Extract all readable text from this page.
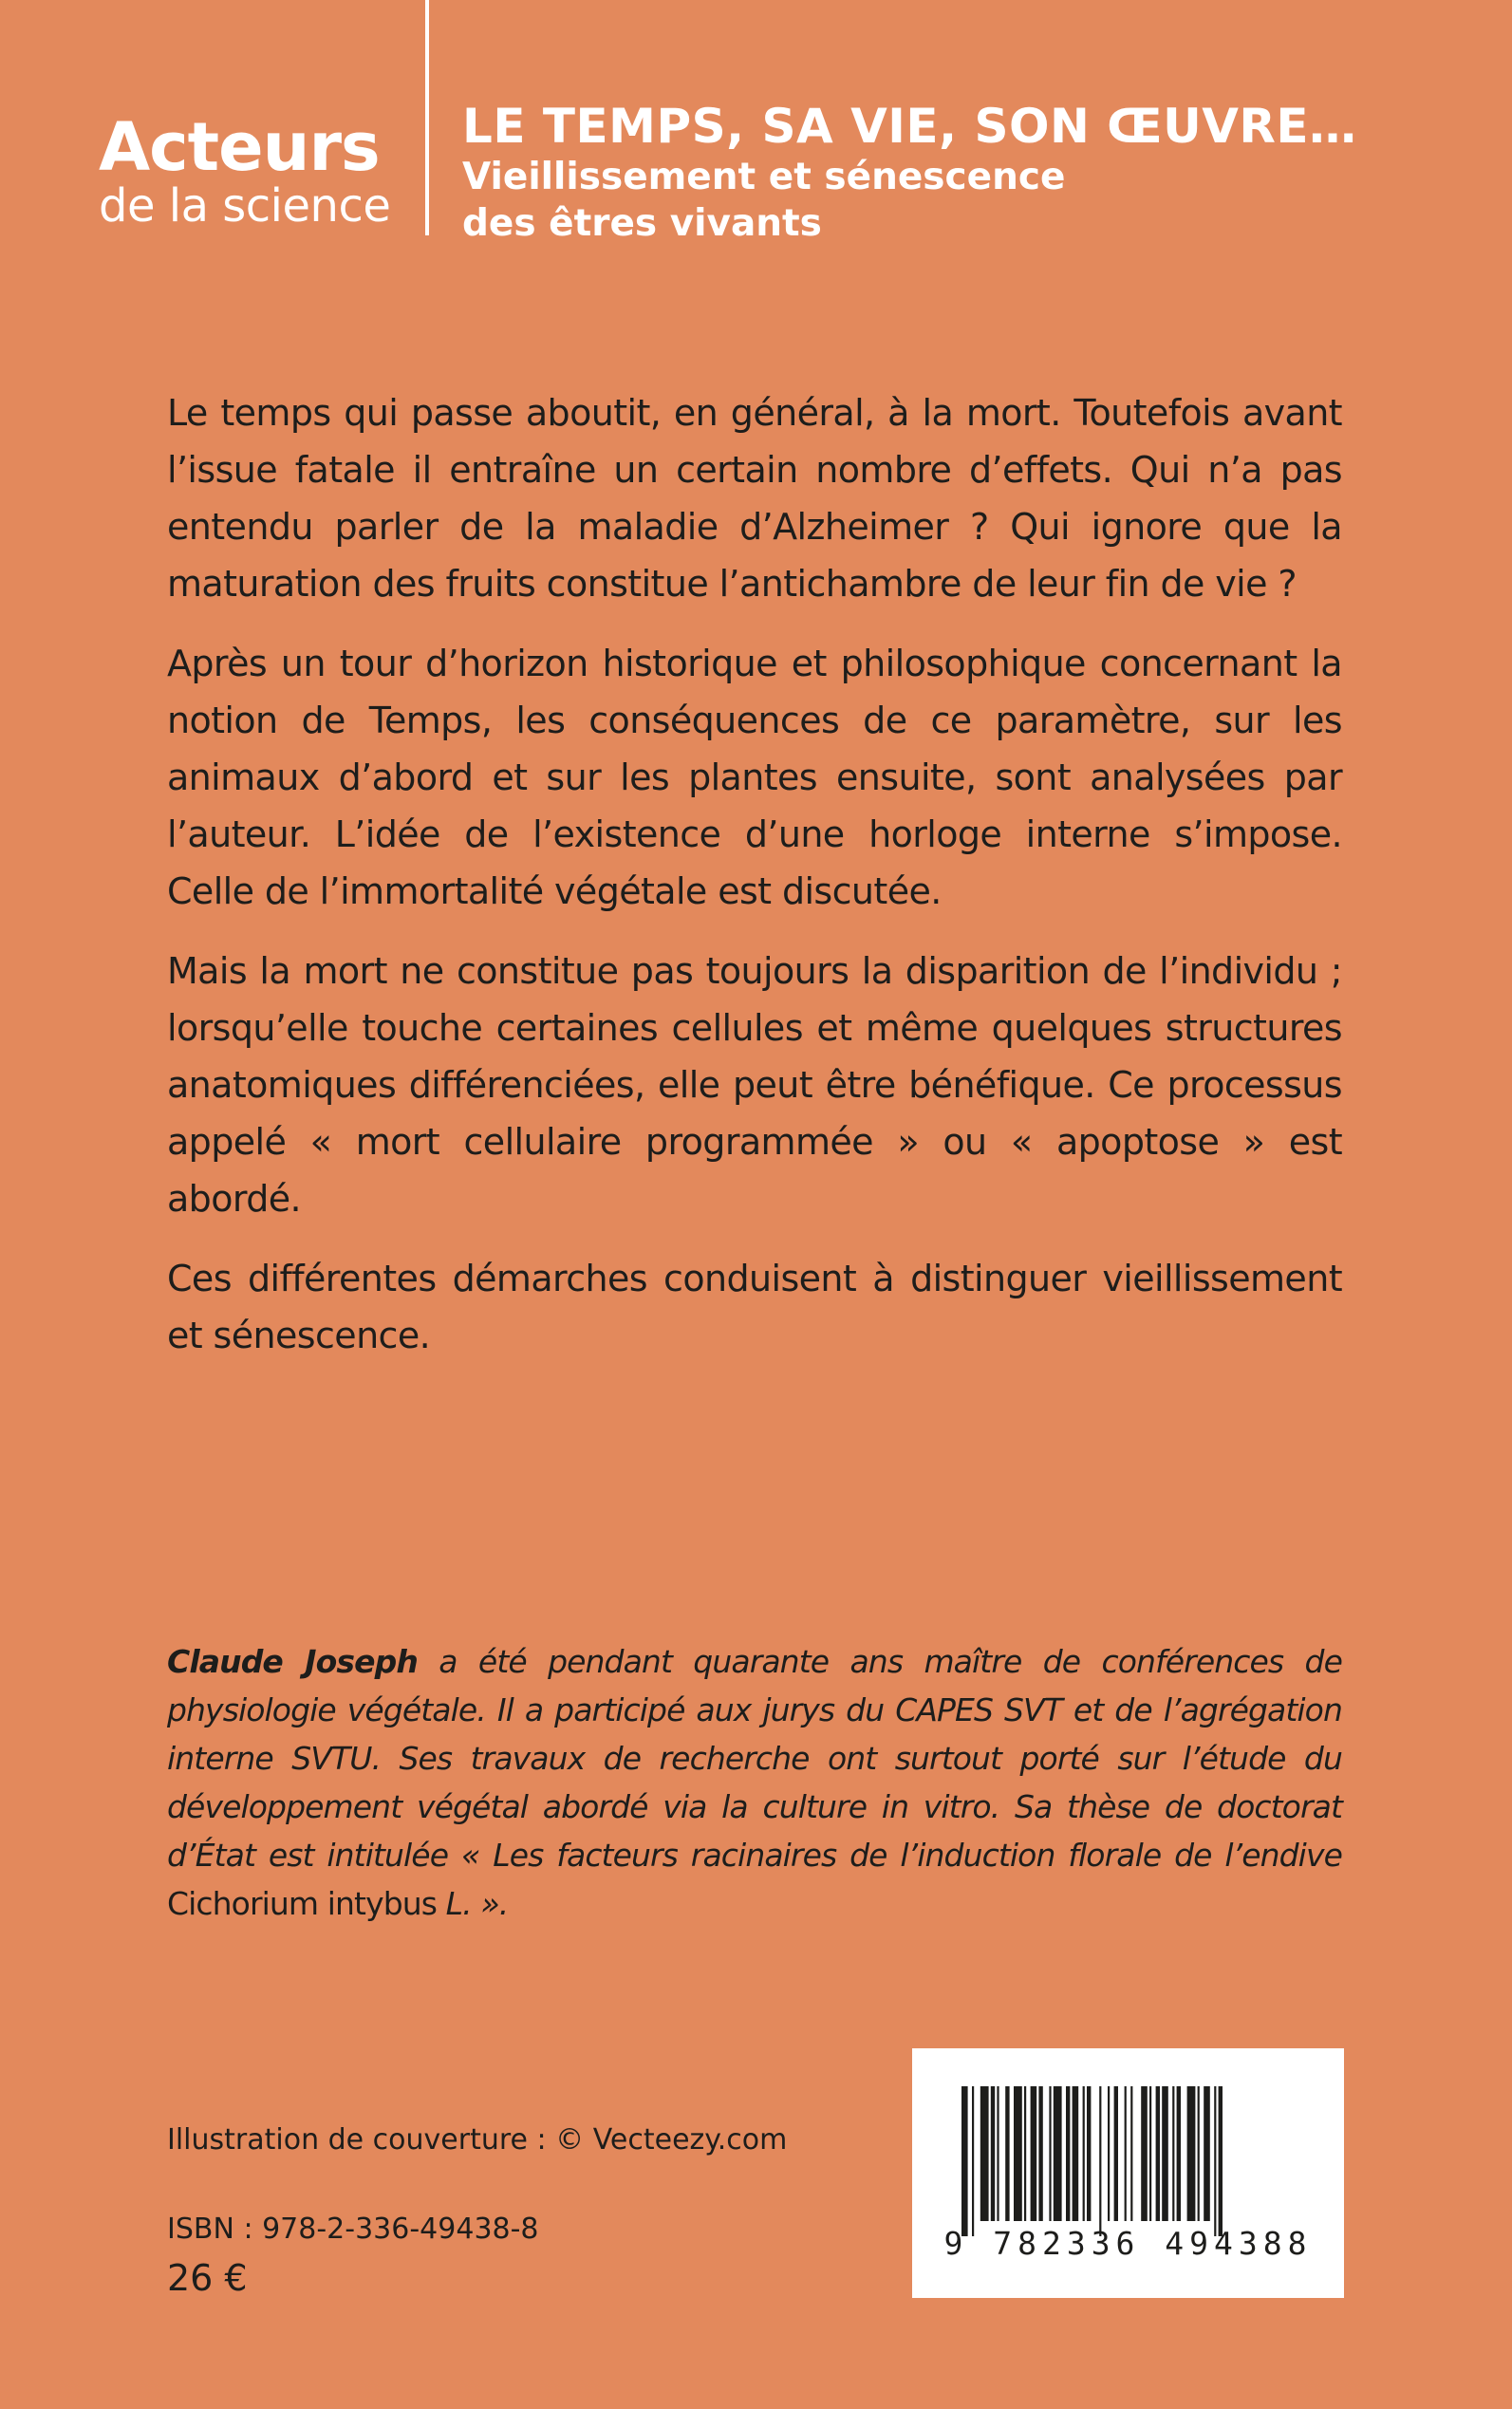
Acteurs
de la science
LE TEMPS, SA VIE, SON ŒUVRE…
Vieillissement et sénescence
des êtres vivants

Le temps qui passe aboutit, en général, à la mort. Toutefois avant l’issue fatale il entraîne un certain nombre d’effets. Qui n’a pas entendu parler de la maladie d’Alzheimer ? Qui ignore que la maturation des fruits constitue l’antichambre de leur fin de vie ?

Après un tour d’horizon historique et philosophique concernant la notion de Temps, les conséquences de ce paramètre, sur les animaux d’abord et sur les plantes ensuite, sont analysées par l’auteur. L’idée de l’existence d’une horloge interne s’impose. Celle de l’immortalité végétale est discutée.

Mais la mort ne constitue pas toujours la disparition de l’individu ; lorsqu’elle touche certaines cellules et même quelques structures anatomiques différenciées, elle peut être bénéfique. Ce processus appelé « mort cellulaire programmée » ou « apoptose » est abordé.

Ces différentes démarches conduisent à distinguer vieillissement et sénescence.

Claude Joseph a été pendant quarante ans maître de conférences de physiologie végétale. Il a participé aux jurys du CAPES SVT et de l’agrégation interne SVTU. Ses travaux de recherche ont surtout porté sur l’étude du développement végétal abordé via la culture in vitro. Sa thèse de doctorat d’État est intitulée « Les facteurs racinaires de l’induction florale de l’endive Cichorium intybus L. ».

Illustration de couverture : © Vecteezy.com
ISBN : 978-2-336-49438-8
26 €
9 782336 494388
